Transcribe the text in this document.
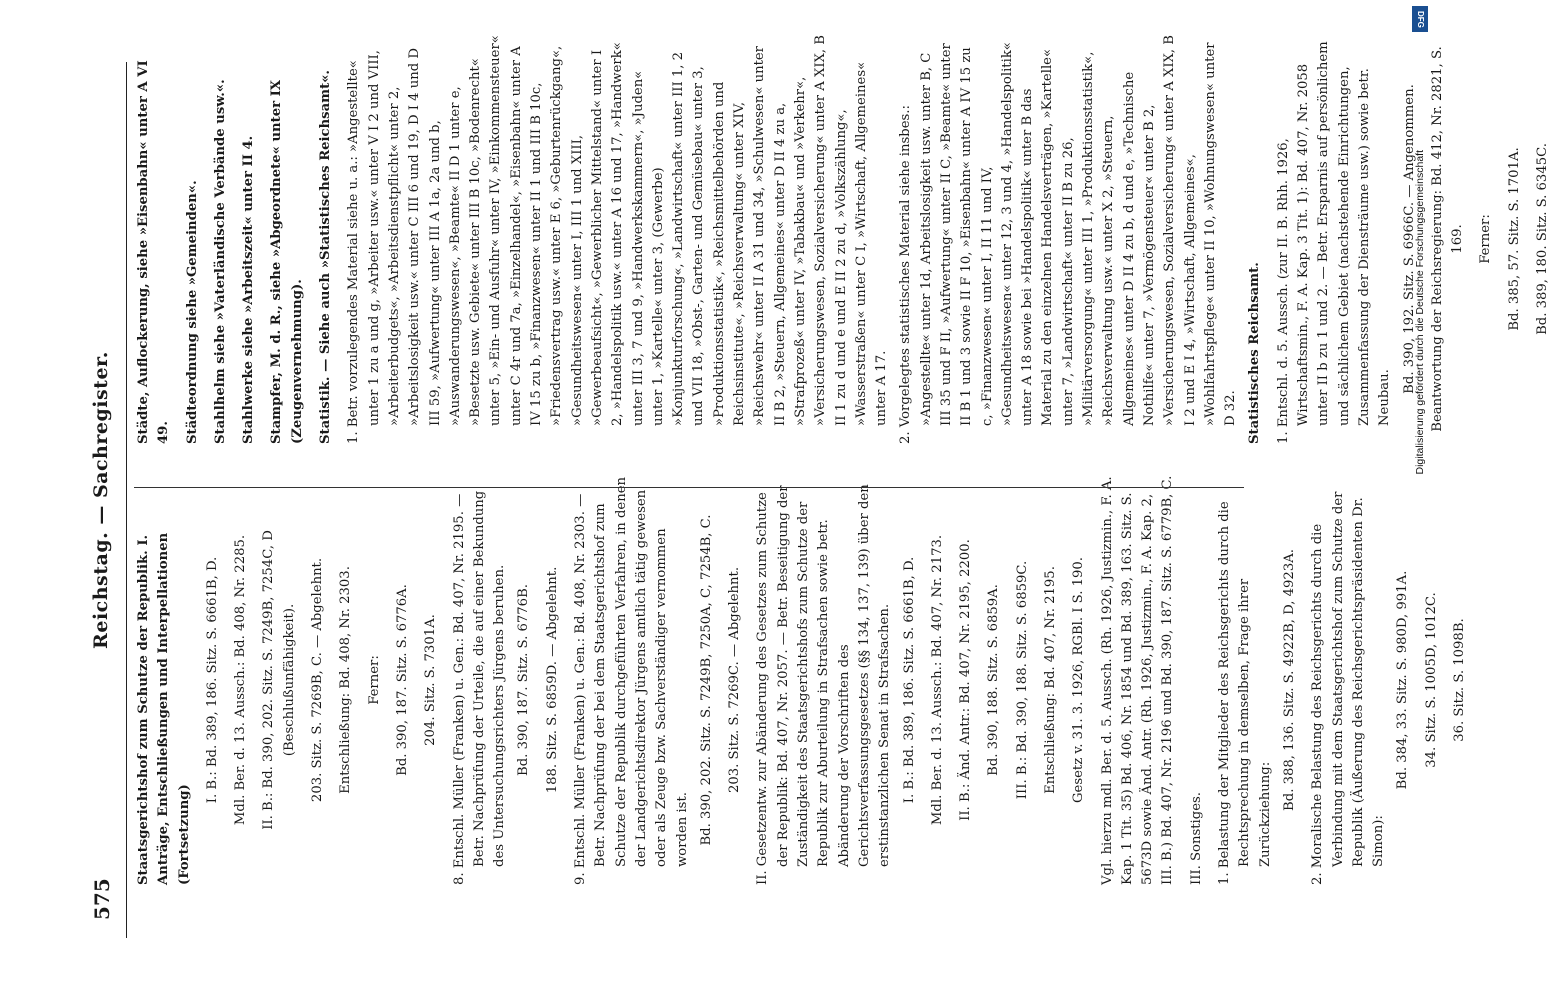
575
Reichstag. — Sachregister.
Staatsgerichtshof zum Schutze der Republik. I. Anträge, Entschließungen und Interpellationen (Fortsetzung)
I. B.: Bd. 389, 186. Sitz. S. 6661B, D. Mdl. Ber. d. 13. Aussch.: Bd. 408, Nr. 2285. II. B.: Bd. 390, 202. Sitz. S. 7249B, 7254C, D (Beschlußunfähigkeit). 203. Sitz. S. 7269B, C. — Abgelehnt. Entschließung: Bd. 408, Nr. 2303. Ferner: Bd. 390, 187. Sitz. S. 6776A. 204. Sitz. S. 7301A. 8. Entschl. Müller (Franken) u. Gen.: Bd. 407, Nr. 2195. — Betr. Nachprüfung der Urteile, die auf einer Bekundung des Untersuchungsrichters Jürgens beruhen. Bd. 390, 187. Sitz. S. 6776B. 188. Sitz. S. 6859D. — Abgelehnt. 9. Entschl. Müller (Franken) u. Gen.: Bd. 408, Nr. 2303. — Betr. Nachprüfung der bei dem Staatsgerichtshof zum Schutze der Republik durchgeführten Verfahren, in denen der Landgerichtsdirektor Jürgens amtlich tätig gewesen oder als Zeuge bzw. Sachverständiger vernommen worden ist. Bd. 390, 202. Sitz. S. 7249B, 7250A, C, 7254B, C. 203. Sitz. S. 7269C. — Abgelehnt. II. Gesetzentw. zur Abänderung des Gesetzes zum Schutze der Republik: Bd. 407, Nr. 2057. — Betr. Beseitigung der Zuständigkeit des Staatsgerichtshofs zum Schutze der Republik zur Aburteilung in Strafsachen sowie betr. Abänderung der Vorschriften des Gerichtsverfassungsgesetzes (§§ 134, 137, 139) über den erstinstanzlichen Senat in Strafsachen. I. B.: Bd. 389, 186. Sitz. S. 6661B, D. Mdl. Ber. d. 13. Aussch.: Bd. 407, Nr. 2173. II. B.: Änd. Antr.: Bd. 407, Nr. 2195, 2200. Bd. 390, 188. Sitz. S. 6859A. III. B.: Bd. 390, 188. Sitz. S. 6859C. Entschließung: Bd. 407, Nr. 2195. Gesetz v. 31. 3. 1926, RGBl. I S. 190. Vgl. hierzu mdl. Ber. d. 5. Aussch. (Rh. 1926, Justizmin., F. A. Kap. 1 Tit. 35) Bd. 406, Nr. 1854 und Bd. 389, 163. Sitz. S. 5673D sowie Änd. Antr. (Rh. 1926, Justizmin., F. A. Kap. 2, III. B.) Bd. 407, Nr. 2196 und Bd. 390, 187. Sitz. S. 6779B, C. III. Sonstiges. 1. Belastung der Mitglieder des Reichsgerichts durch die Rechtsprechung in demselben, Frage ihrer Zurückziehung:
Bd. 388, 136. Sitz. S. 4922B, D, 4923A. 2. Moralische Belastung des Reichsgerichts durch die Verbindung mit dem Staatsgerichtshof zum Schutze der Republik (Äußerung des Reichsgerichtspräsidenten Dr. Simon):
Bd. 384, 33. Sitz. S. 980D, 991A. 34. Sitz. S. 1005D, 1012C. 36. Sitz. S. 1098B.
Städte, Auflockerung, siehe »Eisenbahn« unter A VI 49. Städteordnung siehe »Gemeinden«. Stahlhelm siehe »Vaterländische Verbände usw.«. Stahlwerke siehe »Arbeitszeit« unter II 4. Stampfer, M. d. R., siehe »Abgeordnete« unter IX (Zeugenvernehmung). Statistik. — Siehe auch »Statistisches Reichsamt«. 1. Betr. vorzulegendes Material siehe u. a.: »Angestellte« unter 1 zu a und g, »Arbeiter usw.« unter V I 2 und VIII, »Arbeiterbudgets«, »Arbeitsdienstpflicht« unter 2, »Arbeitslosigkeit usw.« unter C III 6 und 19, D I 4 und D III 59, »Aufwertung« unter III A 1a, 2a und b, »Auswanderungswesen«, »Beamte« II D 1 unter e, »Besetzte usw. Gebiete« unter III B 10c, »Bodenrecht« unter 5, »Ein- und Ausfuhr« unter IV, »Einkommensteuer« unter C 4r und 7a, »Einzelhandel«, »Eisenbahn« unter A IV 15 zu b, »Finanzwesen« unter II 1 und III B 10c, »Friedensvertrag usw.« unter E 6, »Geburtenrückgang«, »Gesundheitswesen« unter I, III 1 und XIII, »Gewerbeaufsicht«, »Gewerblicher Mittelstand« unter I 2, »Handelspolitik usw.« unter A 16 und 17, »Handwerk« unter III 3, 7 und 9, »Handwerkskammern«, »Juden« unter 1, »Kartelle« unter 3, (Gewerbe) »Konjunkturforschung«, »Landwirtschaft« unter III 1, 2 und VII 18, »Obst-, Garten- und Gemüsebau« unter 3, »Produktionsstatistik«, »Reichsmittelbehörden und Reichsinstitute«, »Reichsverwaltung« unter XIV, »Reichswehr« unter II A 31 und 34, »Schulwesen« unter II B 2, »Steuern, Allgemeines« unter D II 4 zu a, »Strafprozeß« unter IV, »Tabakbau« und »Verkehr«, »Versicherungswesen, Sozialversicherung« unter A XIX, B II 1 zu d und e und E II 2 zu d, »Volkszählung«, »Wasserstraßen« unter C I, »Wirtschaft, Allgemeines« unter A 17. 2. Vorgelegtes statistisches Material siehe insbes.: »Angestellte« unter 1d, Arbeitslosigkeit usw. unter B, C III 35 und F II, »Aufwertung« unter II C, »Beamte« unter II B 1 und 3 sowie II F 10, »Eisenbahn« unter A IV 15 zu c, »Finanzwesen« unter I, II 11 und IV, »Gesundheitswesen« unter 12, 3 und 4, »Handelspolitik« unter A 18 sowie bei »Handelspolitik« unter B das Material zu den einzelnen Handelsverträgen, »Kartelle« unter 7, »Landwirtschaft« unter II B zu 26, »Militärversorgung« unter III 1, »Produktionsstatistik«, »Reichsverwaltung usw.« unter X 2, »Steuern, Allgemeines« unter D II 4 zu b, d und e, »Technische Nothilfe« unter 7, »Vermögensteuer« unter B 2, »Versicherungswesen, Sozialversicherung« unter A XIX, B I 2 und E I 4, »Wirtschaft, Allgemeines«, »Wohlfahrtspflege« unter II 10, »Wohnungswesen« unter D 32. Statistisches Reichsamt. 1. Entschl. d. 5. Aussch. (zur II. B. Rhh. 1926, Wirtschaftsmin., F. A. Kap. 3 Tit. 1): Bd. 407, Nr. 2058 unter II b zu 1 und 2. — Betr. Ersparnis auf persönlichem und sächlichem Gebiet (nachstehende Einrichtungen, Zusammenfassung der Diensträume usw.) sowie betr. Neubau.
Bd. 390, 192. Sitz. S. 6966C. — Angenommen. Beantwortung der Reichsregierung: Bd. 412, Nr. 2821, S. 169. Ferner: Bd. 385, 57. Sitz. S. 1701A. Bd. 389, 180. Sitz. S. 6345C.
DFG
Digitalisierung gefördert durch die Deutsche Forschungsgemeinschaft
